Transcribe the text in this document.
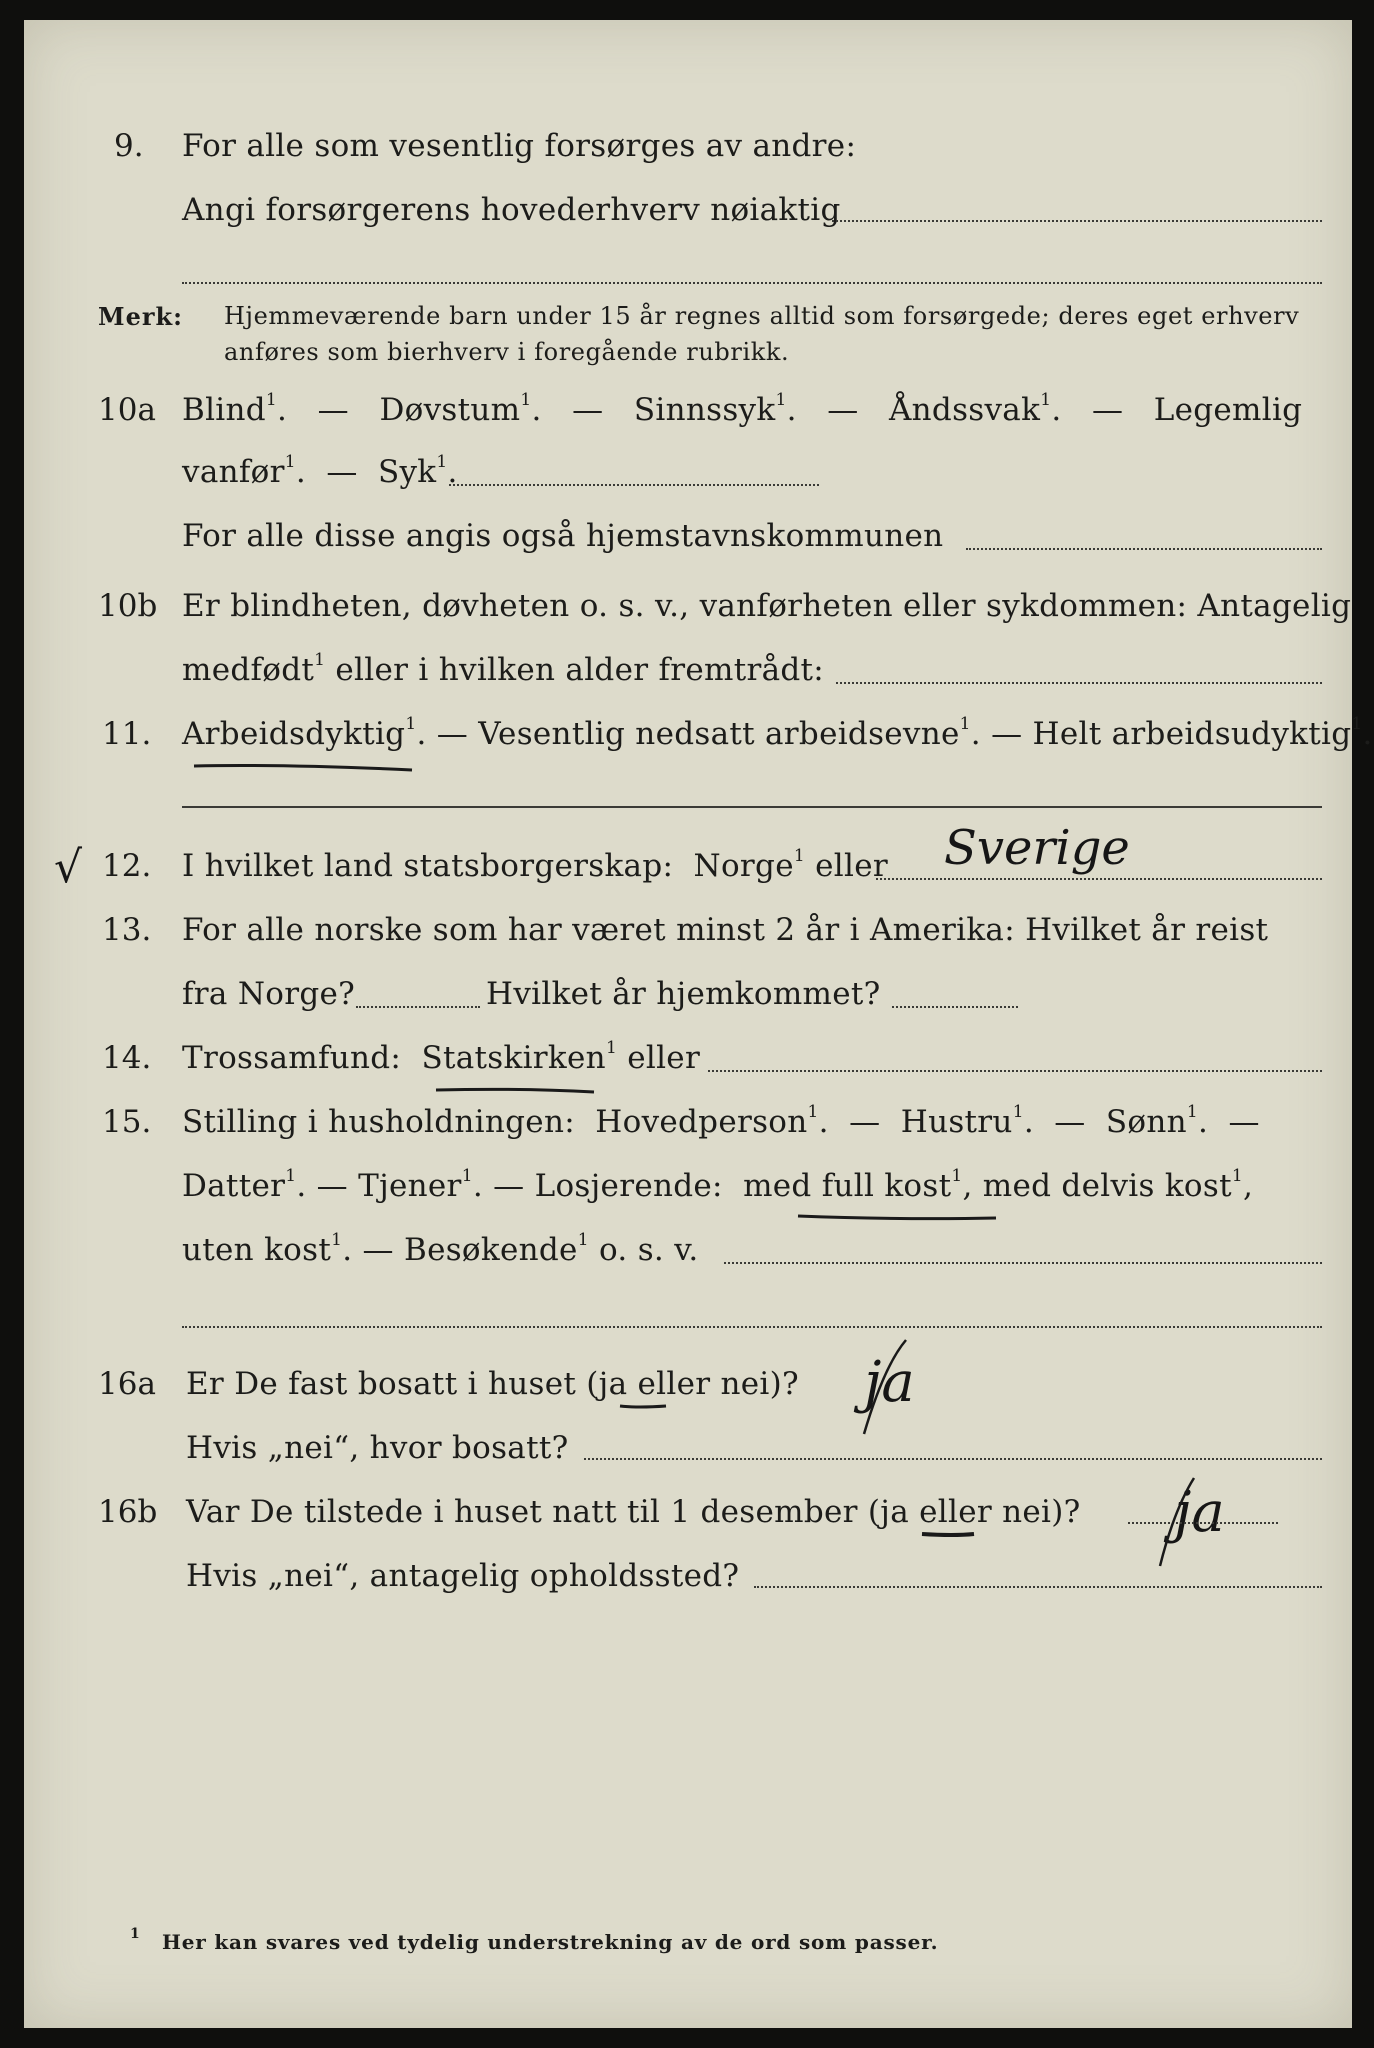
9. For alle som vesentlig forsørges av andre:
Angi forsørgerens hovederhverv nøiaktig
Merk: Hjemmeværende barn under 15 år regnes alltid som forsørgede; deres eget erhverv
anføres som bierhverv i foregående rubrikk.
10a Blind$^1$.   — Døvstum$^1$.   — Sinnssyk$^1$.   — Åndssvak$^1$.   — Legemlig
vanfør$^1$.  — Syk$^1$.
For alle disse angis også hjemstavnskommunen
10b Er blindheten, døvheten o. s. v., vanførheten eller sykdommen: Antagelig
medfødt$^1$ eller i hvilken alder fremtrådt:
11. Arbeidsdyktig$^1$. — Vesentlig nedsatt arbeidsevne$^1$. — Helt arbeidsudyktig$^1$.
√ 12. I hvilket land statsborgerskap: Norge$^1$ eller Sverige
13. For alle norske som har været minst 2 år i Amerika: Hvilket år reist
fra Norge?	Hvilket år hjemkommet?
14. Trossamfund: Statskirken$^1$ eller
15. Stilling i husholdningen: Hovedperson$^1$.  —  Hustru$^1$.  —  Sønn$^1$.  —
Datter$^1$. — Tjener$^1$. — Losjerende: med full kost$^1$, med delvis kost$^1$,
uten kost$^1$. — Besøkende$^1$ o. s. v.
16a Er De fast bosatt i huset (ja eller nei)? ja
Hvis „nei“, hvor bosatt?
16b Var De tilstede i huset natt til 1 desember (ja eller nei)? ja
Hvis „nei“, antagelig opholdssted?
1 Her kan svares ved tydelig understrekning av de ord som passer.
